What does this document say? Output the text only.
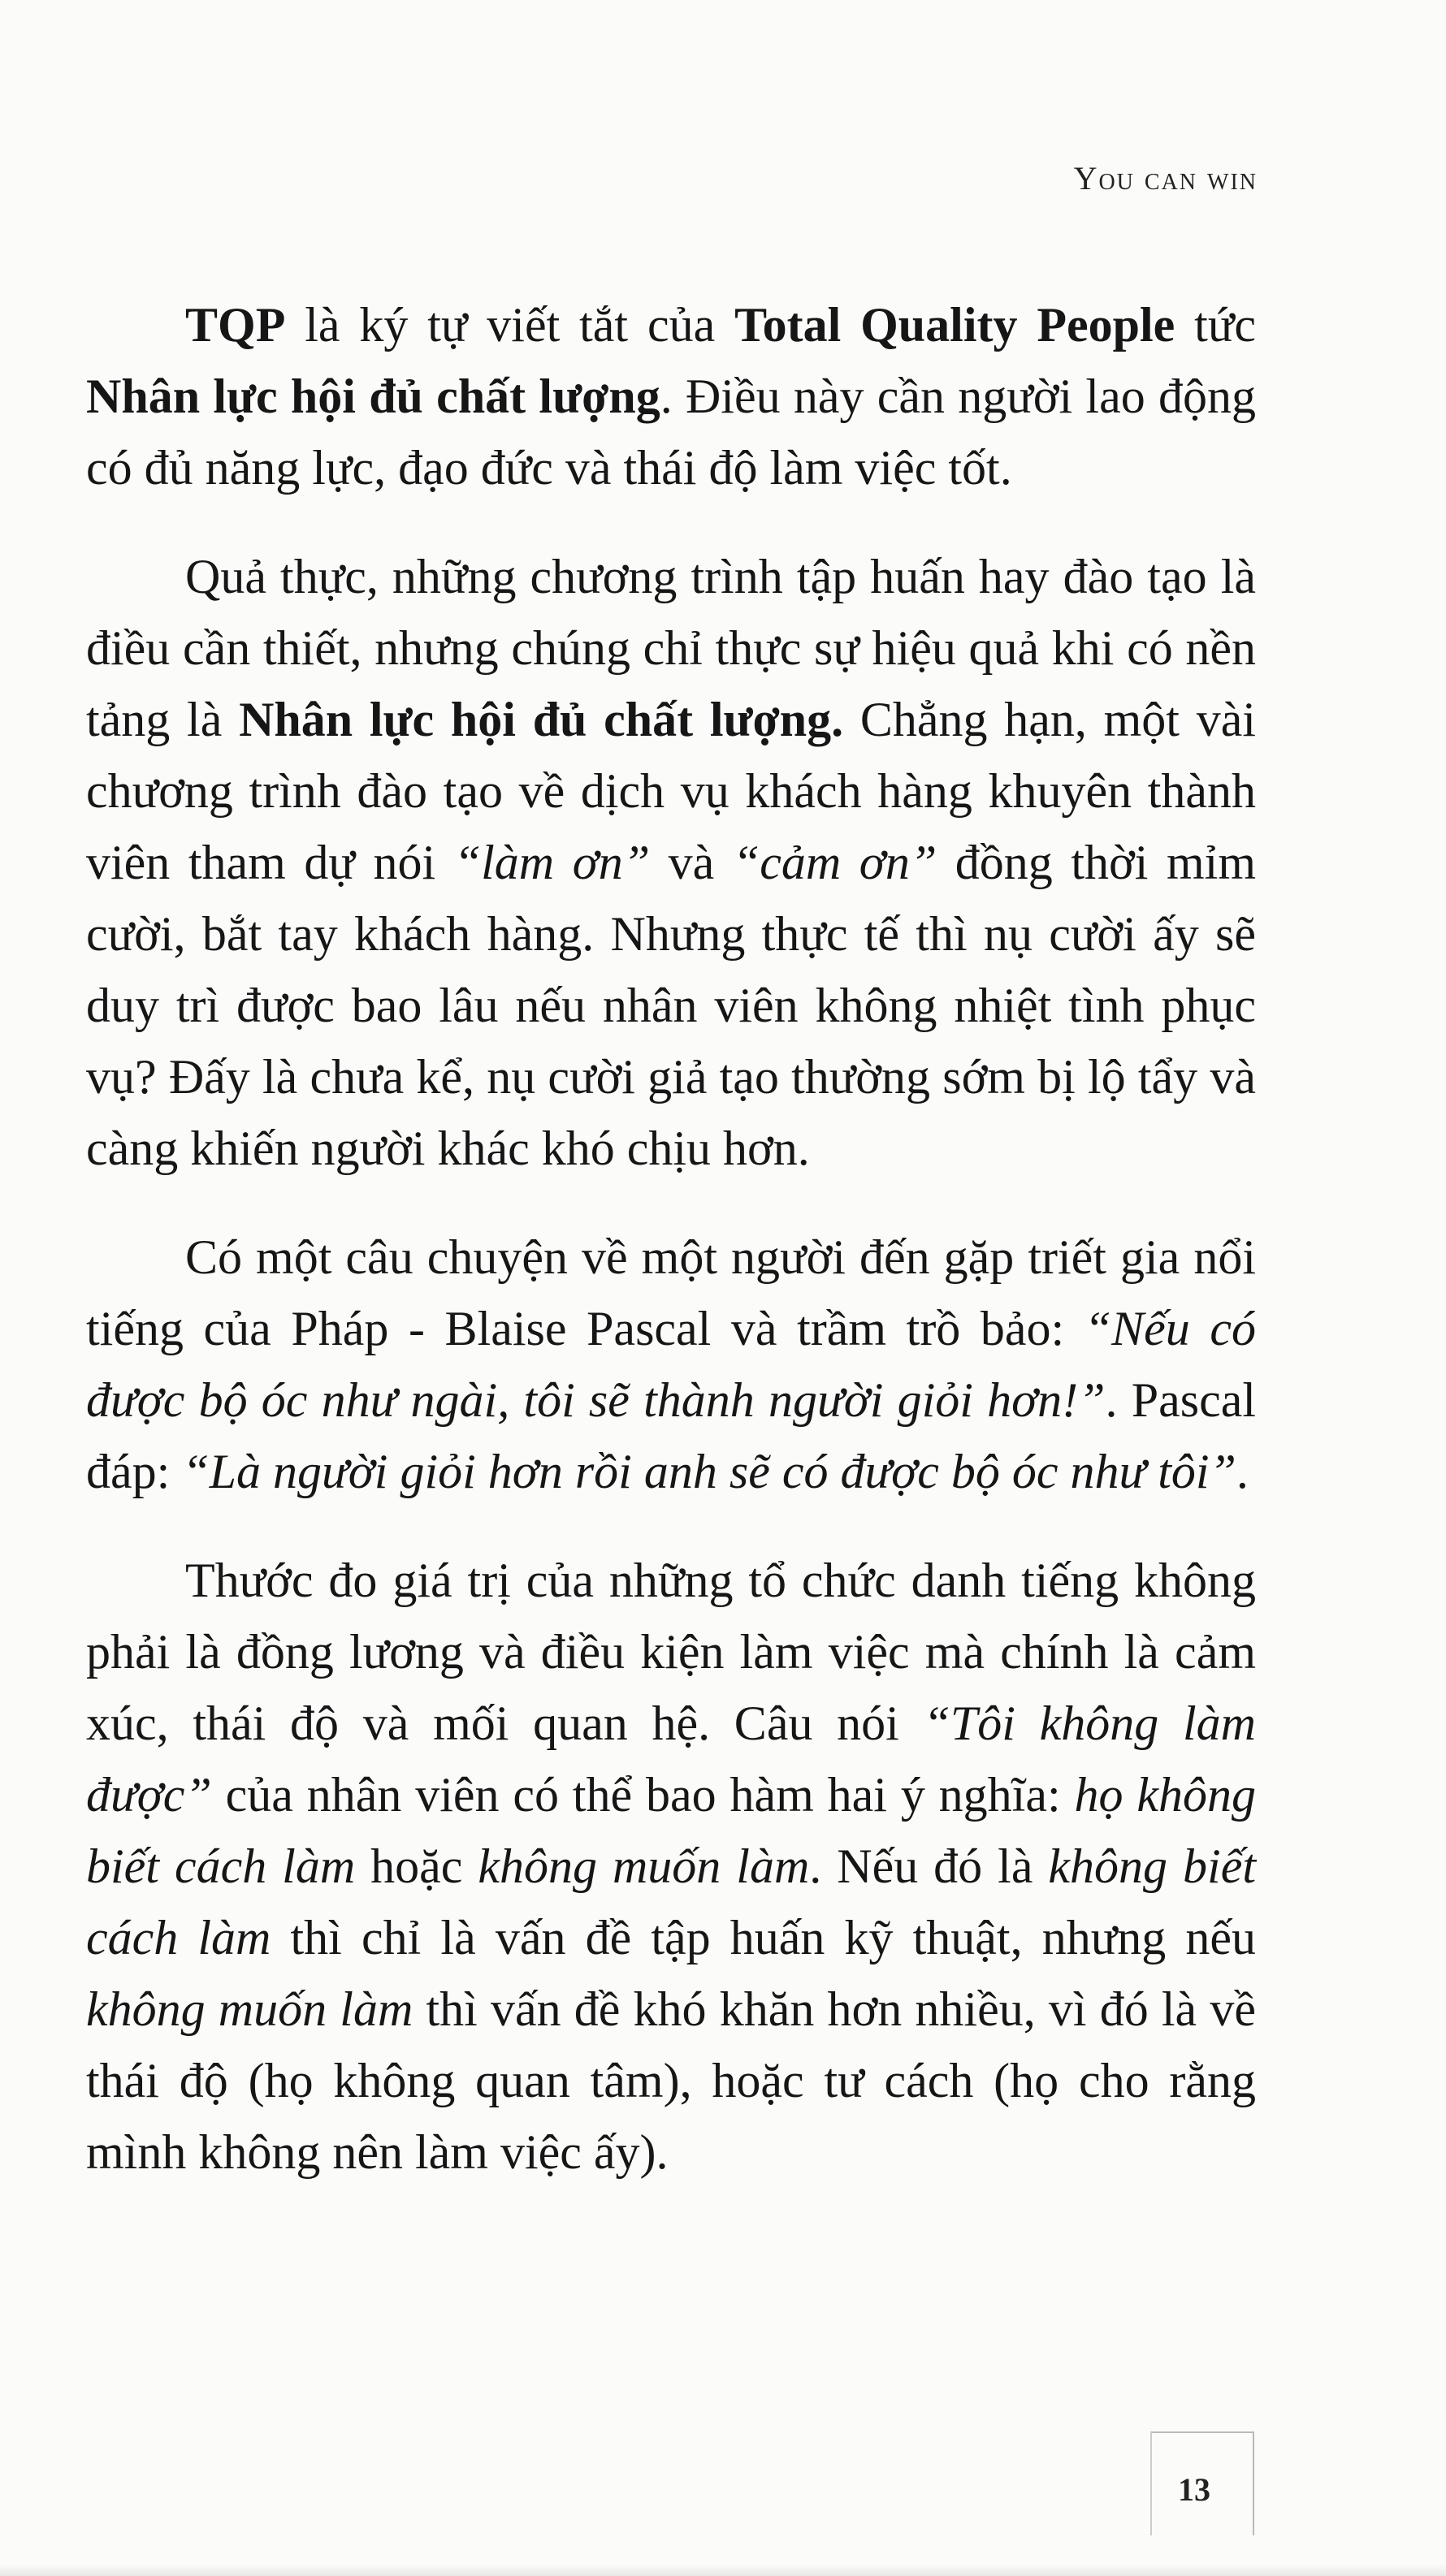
You can win

TQP là ký tự viết tắt của Total Quality People tức Nhân lực hội đủ chất lượng. Điều này cần người lao động có đủ năng lực, đạo đức và thái độ làm việc tốt.

Quả thực, những chương trình tập huấn hay đào tạo là điều cần thiết, nhưng chúng chỉ thực sự hiệu quả khi có nền tảng là Nhân lực hội đủ chất lượng. Chẳng hạn, một vài chương trình đào tạo về dịch vụ khách hàng khuyên thành viên tham dự nói “làm ơn” và “cảm ơn” đồng thời mỉm cười, bắt tay khách hàng. Nhưng thực tế thì nụ cười ấy sẽ duy trì được bao lâu nếu nhân viên không nhiệt tình phục vụ? Đấy là chưa kể, nụ cười giả tạo thường sớm bị lộ tẩy và càng khiến người khác khó chịu hơn.

Có một câu chuyện về một người đến gặp triết gia nổi tiếng của Pháp - Blaise Pascal và trầm trồ bảo: “Nếu có được bộ óc như ngài, tôi sẽ thành người giỏi hơn!”. Pascal đáp: “Là người giỏi hơn rồi anh sẽ có được bộ óc như tôi”.

Thước đo giá trị của những tổ chức danh tiếng không phải là đồng lương và điều kiện làm việc mà chính là cảm xúc, thái độ và mối quan hệ. Câu nói “Tôi không làm được” của nhân viên có thể bao hàm hai ý nghĩa: họ không biết cách làm hoặc không muốn làm. Nếu đó là không biết cách làm thì chỉ là vấn đề tập huấn kỹ thuật, nhưng nếu không muốn làm thì vấn đề khó khăn hơn nhiều, vì đó là về thái độ (họ không quan tâm), hoặc tư cách (họ cho rằng mình không nên làm việc ấy).

13
